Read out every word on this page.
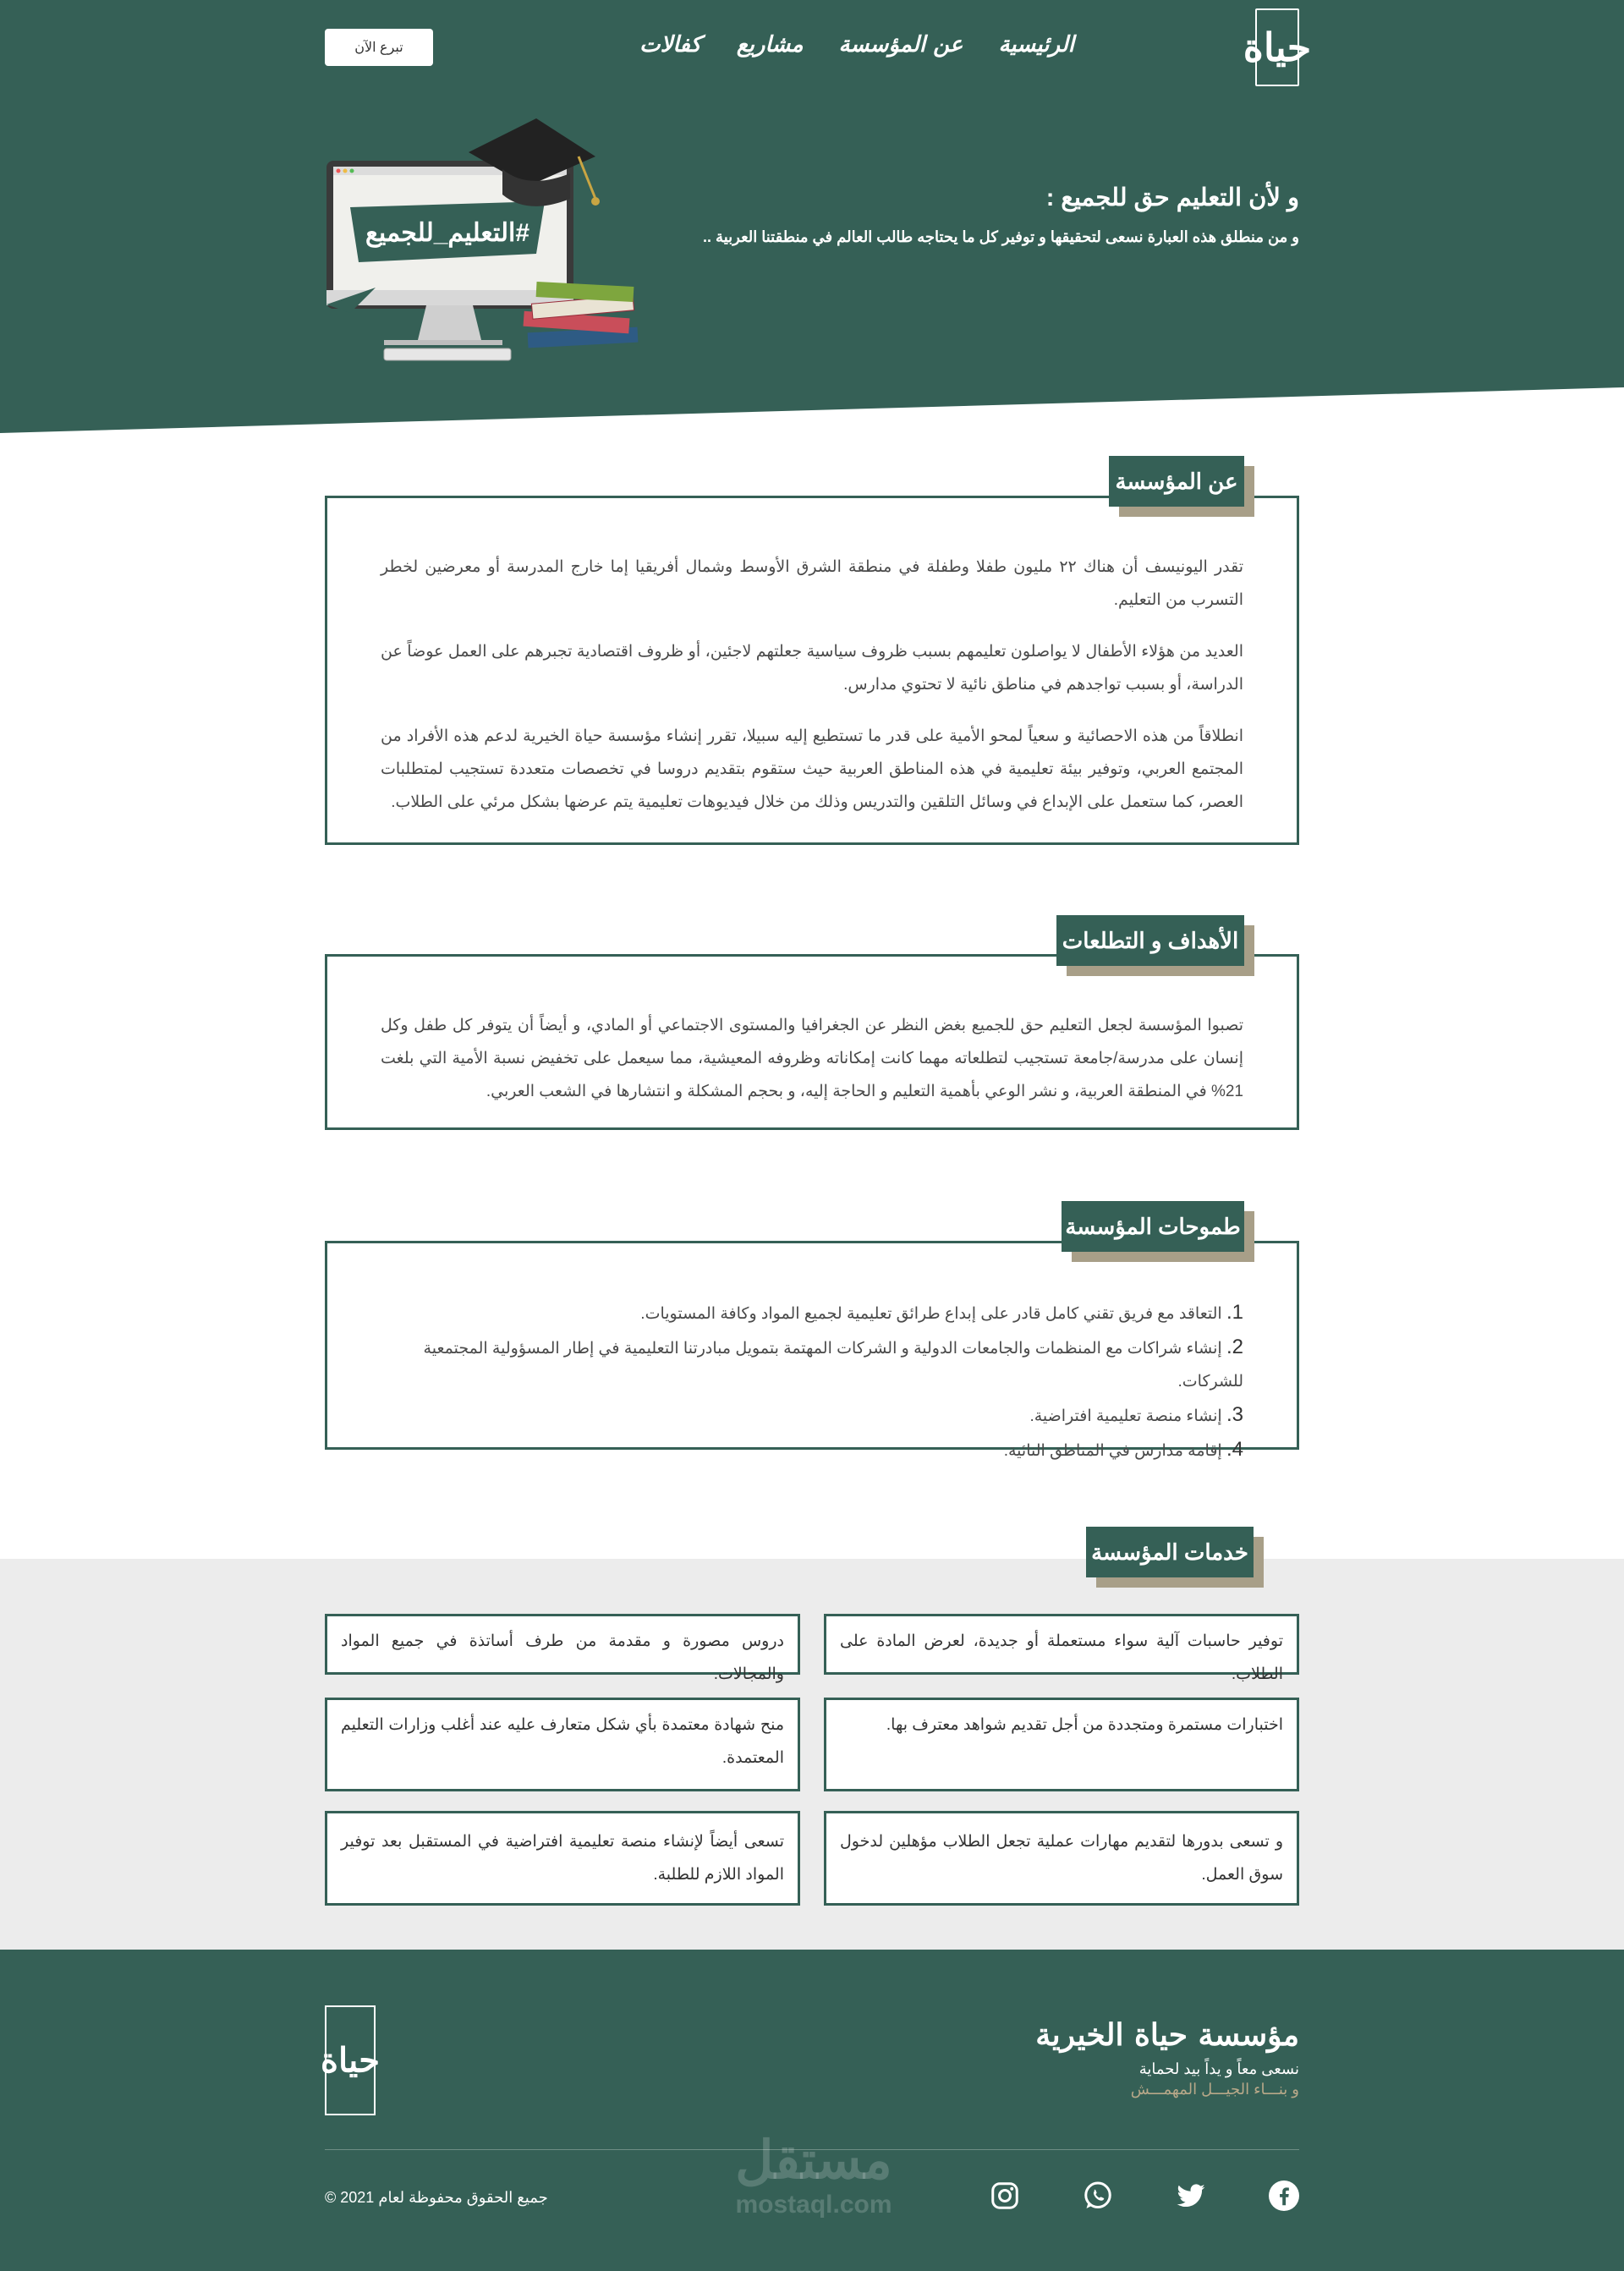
حياة
الرئيسية
عن المؤسسة
مشاريع
كفالات
تبرع الآن
و لأن التعليم حق للجميع :
و من منطلق هذه العبارة نسعى لتحقيقها و توفير كل ما يحتاجه طالب العالم في منطقتنا العربية ..
#التعليم_للجميع

تقدر اليونيسف أن هناك ٢٢ مليون طفلا وطفلة في منطقة الشرق الأوسط وشمال أفريقيا إما خارج المدرسة أو معرضين لخطر التسرب من التعليم.

العديد من هؤلاء الأطفال لا يواصلون تعليمهم بسبب ظروف سياسية جعلتهم لاجئين، أو ظروف اقتصادية تجبرهم على العمل عوضاً عن الدراسة، أو بسبب تواجدهم في مناطق نائية لا تحتوي مدارس.

انطلاقاً من هذه الاحصائية و سعياً لمحو الأمية على قدر ما تستطيع إليه سبيلا، تقرر إنشاء مؤسسة حياة الخيرية لدعم هذه الأفراد من المجتمع العربي، وتوفير بيئة تعليمية في هذه المناطق العربية حيث ستقوم بتقديم دروسا في تخصصات متعددة تستجيب لمتطلبات العصر، كما ستعمل على الإبداع في وسائل التلقين والتدريس وذلك من خلال فيديوهات تعليمية يتم عرضها بشكل مرئي على الطلاب.

عن المؤسسة

تصبوا المؤسسة لجعل التعليم حق للجميع بغض النظر عن الجغرافيا والمستوى الاجتماعي أو المادي، و أيضاً أن يتوفر كل طفل وكل إنسان على مدرسة/جامعة تستجيب لتطلعاته مهما كانت إمكاناته وظروفه المعيشية، مما سيعمل على تخفيض نسبة الأمية التي بلغت 21% في المنطقة العربية، و نشر الوعي بأهمية التعليم و الحاجة إليه، و بحجم المشكلة و انتشارها في الشعب العربي.

الأهداف و التطلعات
1. التعاقد مع فريق تقني كامل قادر على إبداع طرائق تعليمية لجميع المواد وكافة المستويات.
2. إنشاء شراكات مع المنظمات والجامعات الدولية و الشركات المهتمة بتمويل مبادرتنا التعليمية في إطار المسؤولية المجتمعية للشركات.
3. إنشاء منصة تعليمية افتراضية.
4. إقامة مدارس في المناطق النائية.
طموحات المؤسسة
خدمات المؤسسة
توفير حاسبات آلية سواء مستعملة أو جديدة، لعرض المادة على الطلاب.
دروس مصورة و مقدمة من طرف أساتذة في جميع المواد والمجالات.
اختبارات مستمرة ومتجددة من أجل تقديم شواهد معترف بها.
منح شهادة معتمدة بأي شكل متعارف عليه عند أغلب وزارات التعليم المعتمدة.
و تسعى بدورها لتقديم مهارات عملية تجعل الطلاب مؤهلين لدخول سوق العمل.
تسعى أيضاً لإنشاء منصة تعليمية افتراضية في المستقبل بعد توفير المواد اللازم للطلبة.
مؤسسة حياة الخيرية
نسعى معاً و يداً بيد لحماية
و بنـــاء الجيـــل المهمـــش
حياة
جميع الحقوق محفوظة لعام 2021 ©
مستقل
mostaql.com
